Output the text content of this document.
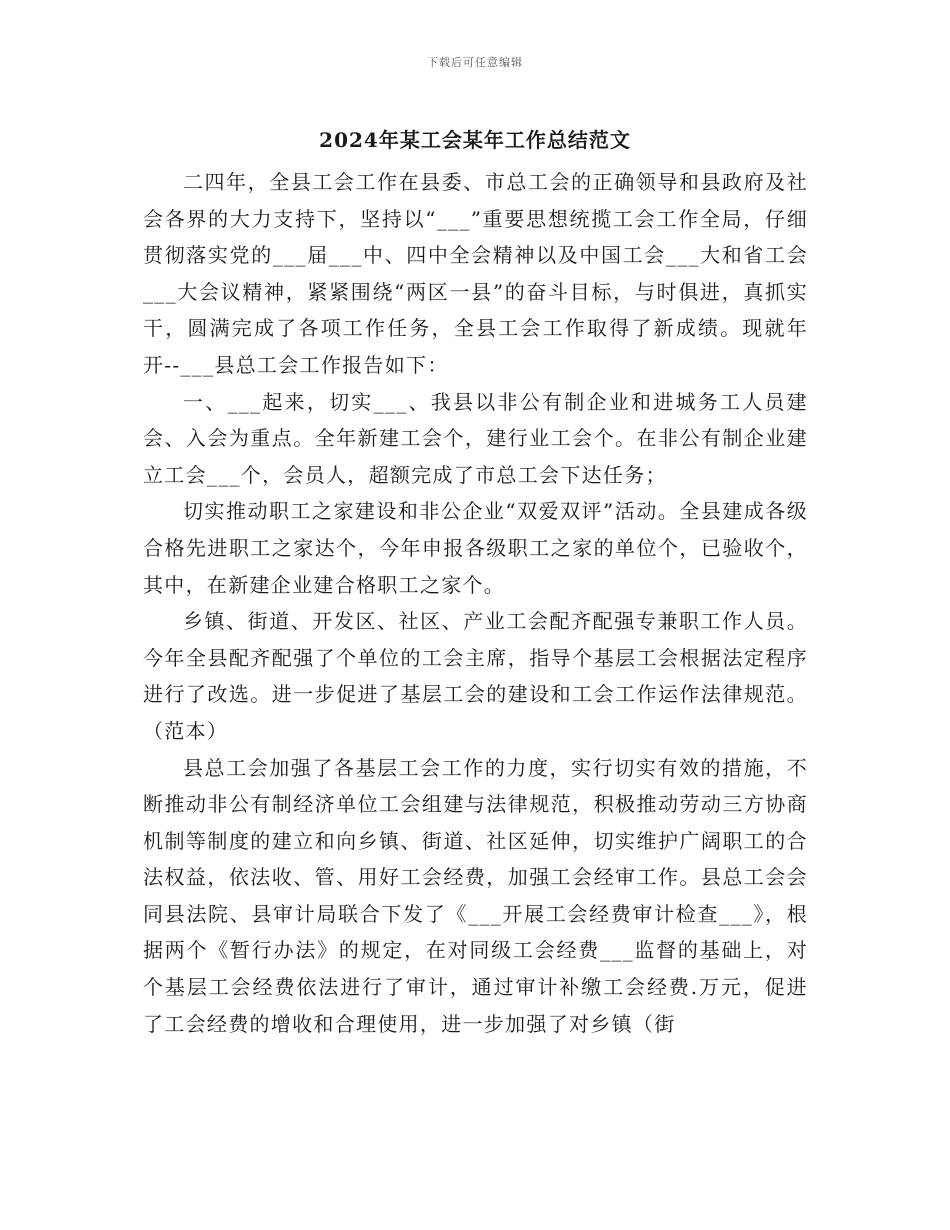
下载后可任意编辑
2024年某工会某年工作总结范文

二四年，全县工会工作在县委、市总工会的正确领导和县政府及社会各界的大力支持下，坚持以“___”重要思想统揽工会工作全局，仔细贯彻落实党的___届___中、四中全会精神以及中国工会___大和省工会___大会议精神，紧紧围绕“两区一县”的奋斗目标，与时俱进，真抓实干，圆满完成了各项工作任务，全县工会工作取得了新成绩。现就年开--___县总工会工作报告如下：

一、___起来，切实___、我县以非公有制企业和进城务工人员建会、入会为重点。全年新建工会个，建行业工会个。在非公有制企业建立工会___个，会员人，超额完成了市总工会下达任务；

切实推动职工之家建设和非公企业“双爱双评”活动。全县建成各级合格先进职工之家达个，今年申报各级职工之家的单位个，已验收个，其中，在新建企业建合格职工之家个。

乡镇、街道、开发区、社区、产业工会配齐配强专兼职工作人员。今年全县配齐配强了个单位的工会主席，指导个基层工会根据法定程序进行了改选。进一步促进了基层工会的建设和工会工作运作法律规范。（范本）

县总工会加强了各基层工会工作的力度，实行切实有效的措施，不断推动非公有制经济单位工会组建与法律规范，积极推动劳动三方协商机制等制度的建立和向乡镇、街道、社区延伸，切实维护广阔职工的合法权益，依法收、管、用好工会经费，加强工会经审工作。县总工会会同县法院、县审计局联合下发了《___开展工会经费审计检查___》，根据两个《暂行办法》的规定，在对同级工会经费___监督的基础上，对个基层工会经费依法进行了审计，通过审计补缴工会经费.万元，促进了工会经费的增收和合理使用，进一步加强了对乡镇（街
